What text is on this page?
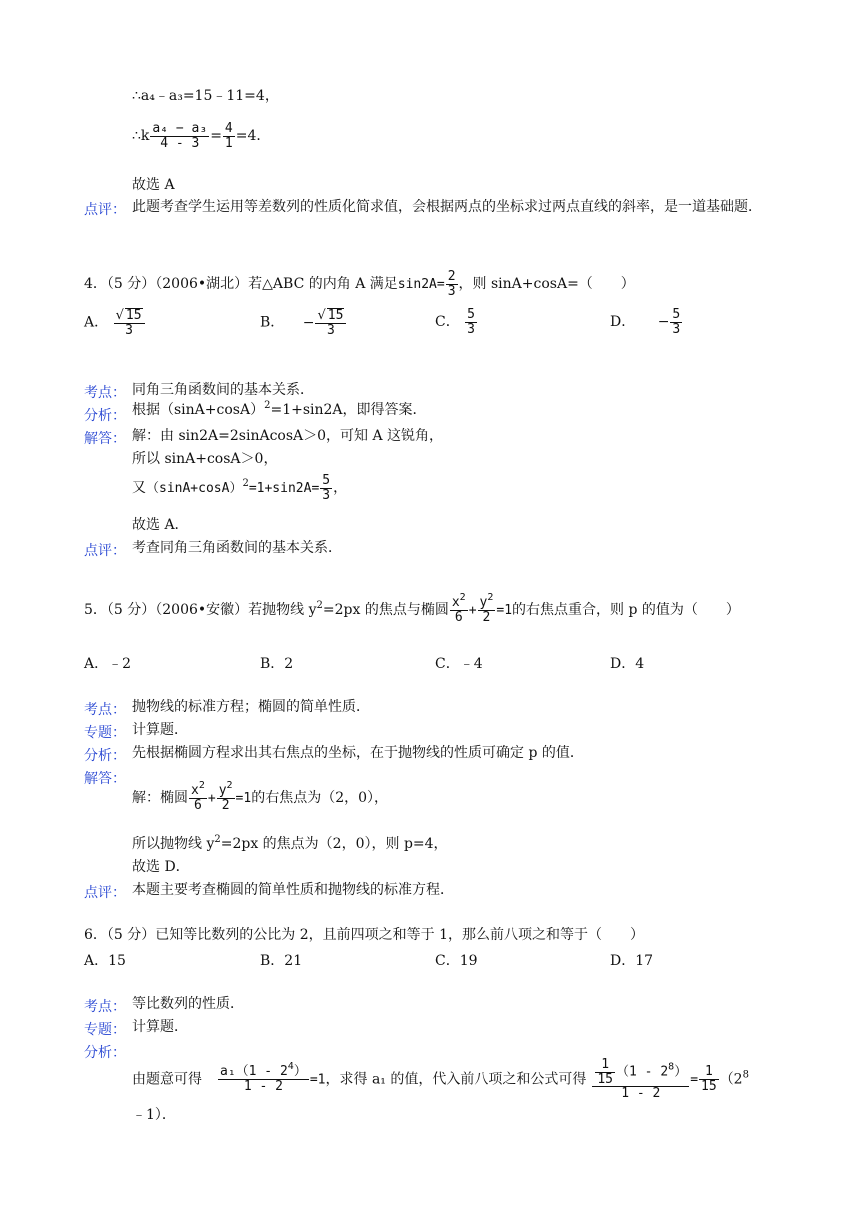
∴a₄﹣a₃=15﹣11=4，
∴k $\frac{\text{a₄ − a₃}}{4 - 3} = \frac{4}{1} =4$．
故选 A
点评： 此题考查学生运用等差数列的性质化简求值，会根据两点的坐标求过两点直线的斜率，是一道基础题．
4．（5 分）（2006•湖北）若△ABC 的内角 A 满足$\sin 2A= \frac{2}{3}$ ，则 sinA+cosA=（　　）
A． $\frac{√ 15}{3}$	B． − $\frac{√ 15}{3}$	C． $\frac{5}{3}$	D． − $\frac{5}{3}$
考点： 同角三角函数间的基本关系．
分析： 根据$(\sin A+\cos A)^2=1+\sin 2A$，即得答案．
解答： 解：由 sin2A=2sinAcosA＞0，可知 A 这锐角，
所以 sinA+cosA＞0，
又$(\sin A+\cos A)^2=1+\sin 2A= \frac{5}{3}$ ，
故选 A．
点评： 考查同角三角函数间的基本关系．
5．（5 分）（2006•安徽）若抛物线 $y^2=2px$ 的焦点与椭圆 $\frac{x^2}{6} + \frac{y^2}{2} =1$的右焦点重合，则 p 的值为（　　）
A．﹣2	B．2	C．﹣4	D．4
考点： 抛物线的标准方程；椭圆的简单性质．
专题： 计算题．
分析： 先根据椭圆方程求出其右焦点的坐标，在于抛物线的性质可确定 p 的值．
解答：
解：椭圆 $\frac{x^2}{6} + \frac{y^2}{2} =1$的右焦点为（2，0），
所以抛物线 $y^2=2px$ 的焦点为（2，0），则 p=4，
故选 D．
点评： 本题主要考查椭圆的简单性质和抛物线的标准方程．
6．（5 分）已知等比数列的公比为 2，且前四项之和等于 1，那么前八项之和等于（　　）
A．15	B．21	C．19	D．17
考点： 等比数列的性质．
专题： 计算题．
分析：
由题意可得 $\frac{a_1(1 - 2^4)}{1 - 2} =1$，求得 a₁ 的值，代入前八项之和公式可得 $\frac{\frac{1}{15} (1 - 2^8)}{1 - 2} = \frac{1}{15} (2^8$
﹣1）．
